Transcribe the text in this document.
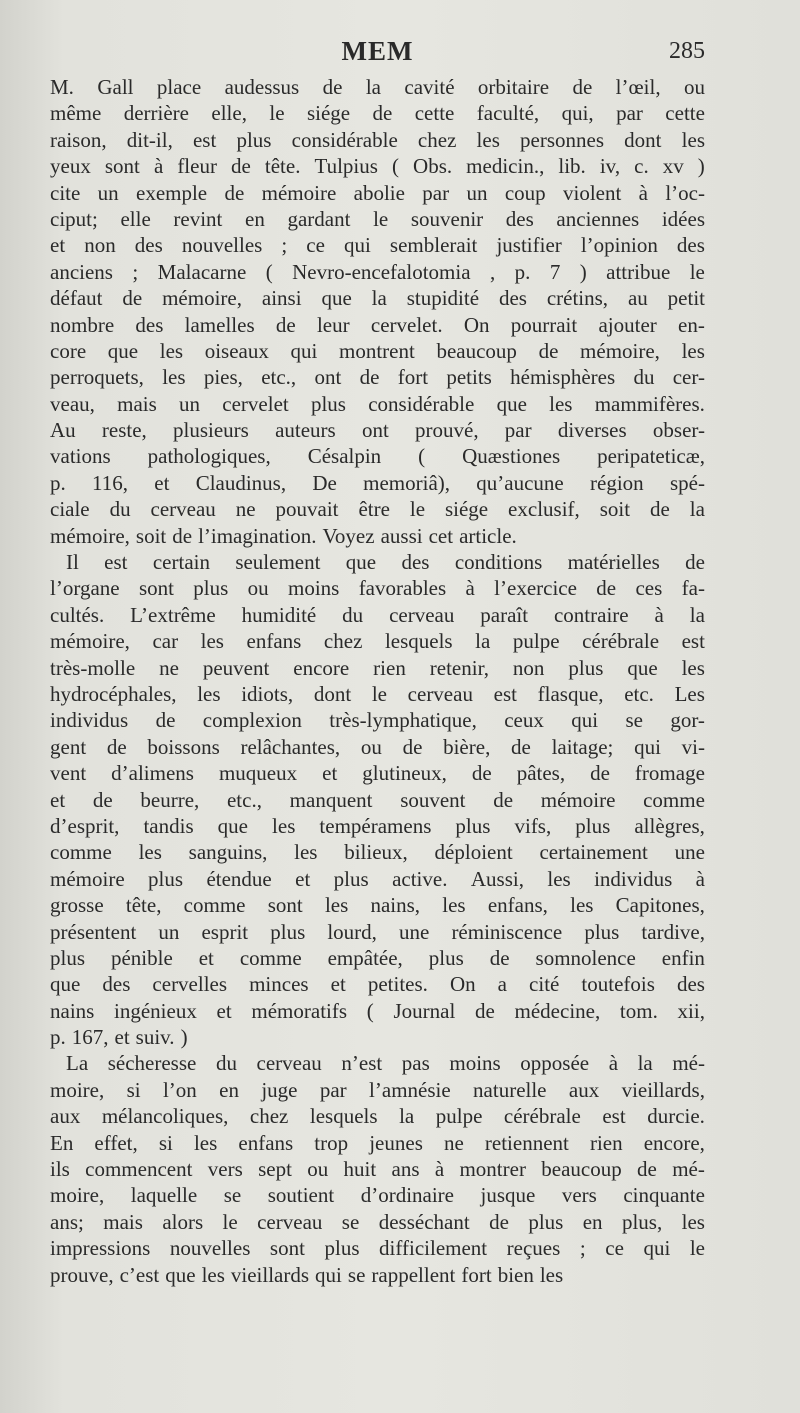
MEM	285
M. Gall place audessus de la cavité orbitaire de l’œil, ou
même derrière elle, le siége de cette faculté, qui, par cette
raison, dit-il, est plus considérable chez les personnes dont les
yeux sont à fleur de tête. Tulpius ( Obs. medicin., lib. iv, c. xv )
cite un exemple de mémoire abolie par un coup violent à l’oc-
ciput; elle revint en gardant le souvenir des anciennes idées
et non des nouvelles ; ce qui semblerait justifier l’opinion des
anciens ; Malacarne ( Nevro-encefalotomia , p. 7 ) attribue le
défaut de mémoire, ainsi que la stupidité des crétins, au petit
nombre des lamelles de leur cervelet. On pourrait ajouter en-
core que les oiseaux qui montrent beaucoup de mémoire, les
perroquets, les pies, etc., ont de fort petits hémisphères du cer-
veau, mais un cervelet plus considérable que les mammifères.
Au reste, plusieurs auteurs ont prouvé, par diverses obser-
vations pathologiques, Césalpin ( Quæstiones peripateticæ,
p. 116, et Claudinus, De memoriâ), qu’aucune région spé-
ciale du cerveau ne pouvait être le siége exclusif, soit de la
mémoire, soit de l’imagination. Voyez aussi cet article.
Il est certain seulement que des conditions matérielles de
l’organe sont plus ou moins favorables à l’exercice de ces fa-
cultés. L’extrême humidité du cerveau paraît contraire à la
mémoire, car les enfans chez lesquels la pulpe cérébrale est
très-molle ne peuvent encore rien retenir, non plus que les
hydrocéphales, les idiots, dont le cerveau est flasque, etc. Les
individus de complexion très-lymphatique, ceux qui se gor-
gent de boissons relâchantes, ou de bière, de laitage; qui vi-
vent d’alimens muqueux et glutineux, de pâtes, de fromage
et de beurre, etc., manquent souvent de mémoire comme
d’esprit, tandis que les tempéramens plus vifs, plus allègres,
comme les sanguins, les bilieux, déploient certainement une
mémoire plus étendue et plus active. Aussi, les individus à
grosse tête, comme sont les nains, les enfans, les Capitones,
présentent un esprit plus lourd, une réminiscence plus tardive,
plus pénible et comme empâtée, plus de somnolence enfin
que des cervelles minces et petites. On a cité toutefois des
nains ingénieux et mémoratifs ( Journal de médecine, tom. xii,
p. 167, et suiv. )
La sécheresse du cerveau n’est pas moins opposée à la mé-
moire, si l’on en juge par l’amnésie naturelle aux vieillards,
aux mélancoliques, chez lesquels la pulpe cérébrale est durcie.
En effet, si les enfans trop jeunes ne retiennent rien encore,
ils commencent vers sept ou huit ans à montrer beaucoup de mé-
moire, laquelle se soutient d’ordinaire jusque vers cinquante
ans; mais alors le cerveau se desséchant de plus en plus, les
impressions nouvelles sont plus difficilement reçues ; ce qui le
prouve, c’est que les vieillards qui se rappellent fort bien les
